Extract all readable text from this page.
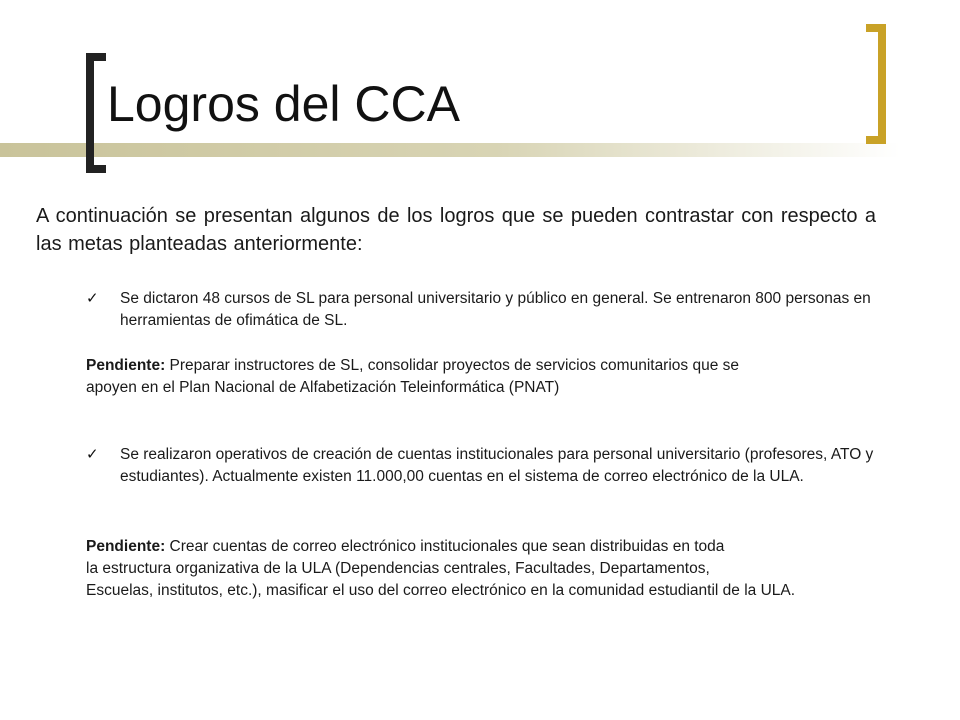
Logros del CCA
A continuación se presentan algunos de los logros que se pueden contrastar con respecto a las metas planteadas anteriormente:
✓ Se dictaron 48 cursos de SL para personal universitario y público en general. Se entrenaron 800 personas en herramientas de ofimática de SL.
Pendiente: Preparar instructores de SL, consolidar proyectos de servicios comunitarios que se
apoyen en el Plan Nacional de Alfabetización Teleinformática (PNAT)
✓ Se realizaron operativos de creación de cuentas institucionales para personal universitario (profesores, ATO y estudiantes). Actualmente existen 11.000,00 cuentas en el sistema de correo electrónico de la ULA.
Pendiente: Crear cuentas de correo electrónico institucionales que sean distribuidas en toda
la estructura organizativa de la ULA (Dependencias centrales, Facultades, Departamentos,
Escuelas, institutos, etc.), masificar el uso del correo electrónico en la comunidad estudiantil de la ULA.
